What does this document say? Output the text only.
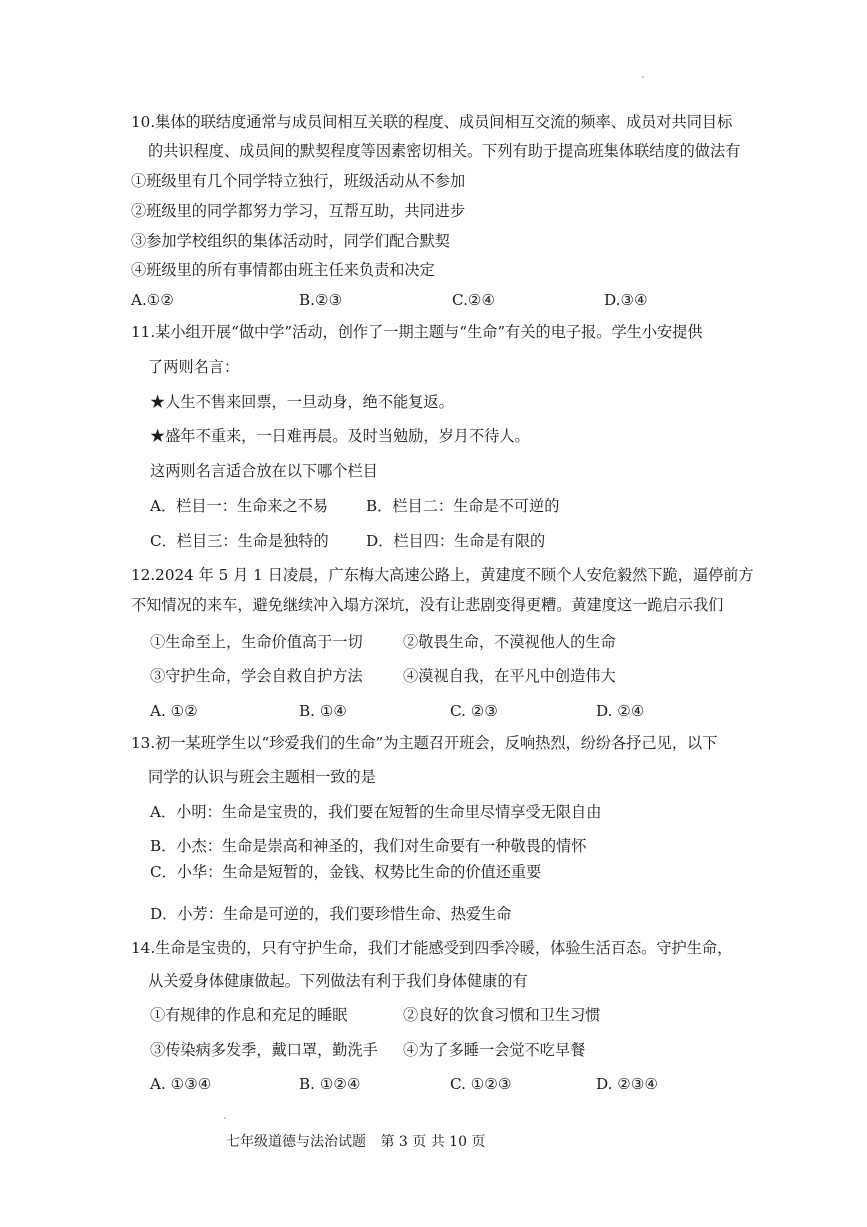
10.集体的联结度通常与成员间相互关联的程度、成员间相互交流的频率、成员对共同目标
的共识程度、成员间的默契程度等因素密切相关。下列有助于提高班集体联结度的做法有
①班级里有几个同学特立独行，班级活动从不参加
②班级里的同学都努力学习，互帮互助，共同进步
③参加学校组织的集体活动时，同学们配合默契
④班级里的所有事情都由班主任来负责和决定
A.①②	B.②③	C.②④	D.③④
11.某小组开展“做中学”活动，创作了一期主题与“生命”有关的电子报。学生小安提供
了两则名言：
★人生不售来回票，一旦动身，绝不能复返。
★盛年不重来，一日难再晨。及时当勉励，岁月不待人。
这两则名言适合放在以下哪个栏目
A．栏目一：生命来之不易 B．栏目二：生命是不可逆的
C．栏目三：生命是独特的 D．栏目四：生命是有限的
12.2024 年 5 月 1 日凌晨，广东梅大高速公路上，黄建度不顾个人安危毅然下跪，逼停前方
不知情况的来车，避免继续冲入塌方深坑，没有让悲剧变得更糟。黄建度这一跪启示我们
①生命至上，生命价值高于一切	②敬畏生命，不漠视他人的生命
③守护生命，学会自救自护方法	④漠视自我，在平凡中创造伟大
A. ①②	B. ①④	C. ②③	D. ②④
13.初一某班学生以“珍爱我们的生命”为主题召开班会，反响热烈，纷纷各抒己见，以下
同学的认识与班会主题相一致的是
A．小明：生命是宝贵的，我们要在短暂的生命里尽情享受无限自由
B．小杰：生命是崇高和神圣的，我们对生命要有一种敬畏的情怀
C．小华：生命是短暂的，金钱、权势比生命的价值还重要
D．小芳：生命是可逆的，我们要珍惜生命、热爱生命
14.生命是宝贵的，只有守护生命，我们才能感受到四季冷暖，体验生活百态。守护生命，
从关爱身体健康做起。下列做法有利于我们身体健康的有
①有规律的作息和充足的睡眠	②良好的饮食习惯和卫生习惯
③传染病多发季，戴口罩，勤洗手 ④为了多睡一会觉不吃早餐
A. ①③④	B. ①②④	C. ①②③	D. ②③④
七年级道德与法治试题 第 3 页 共 10 页
